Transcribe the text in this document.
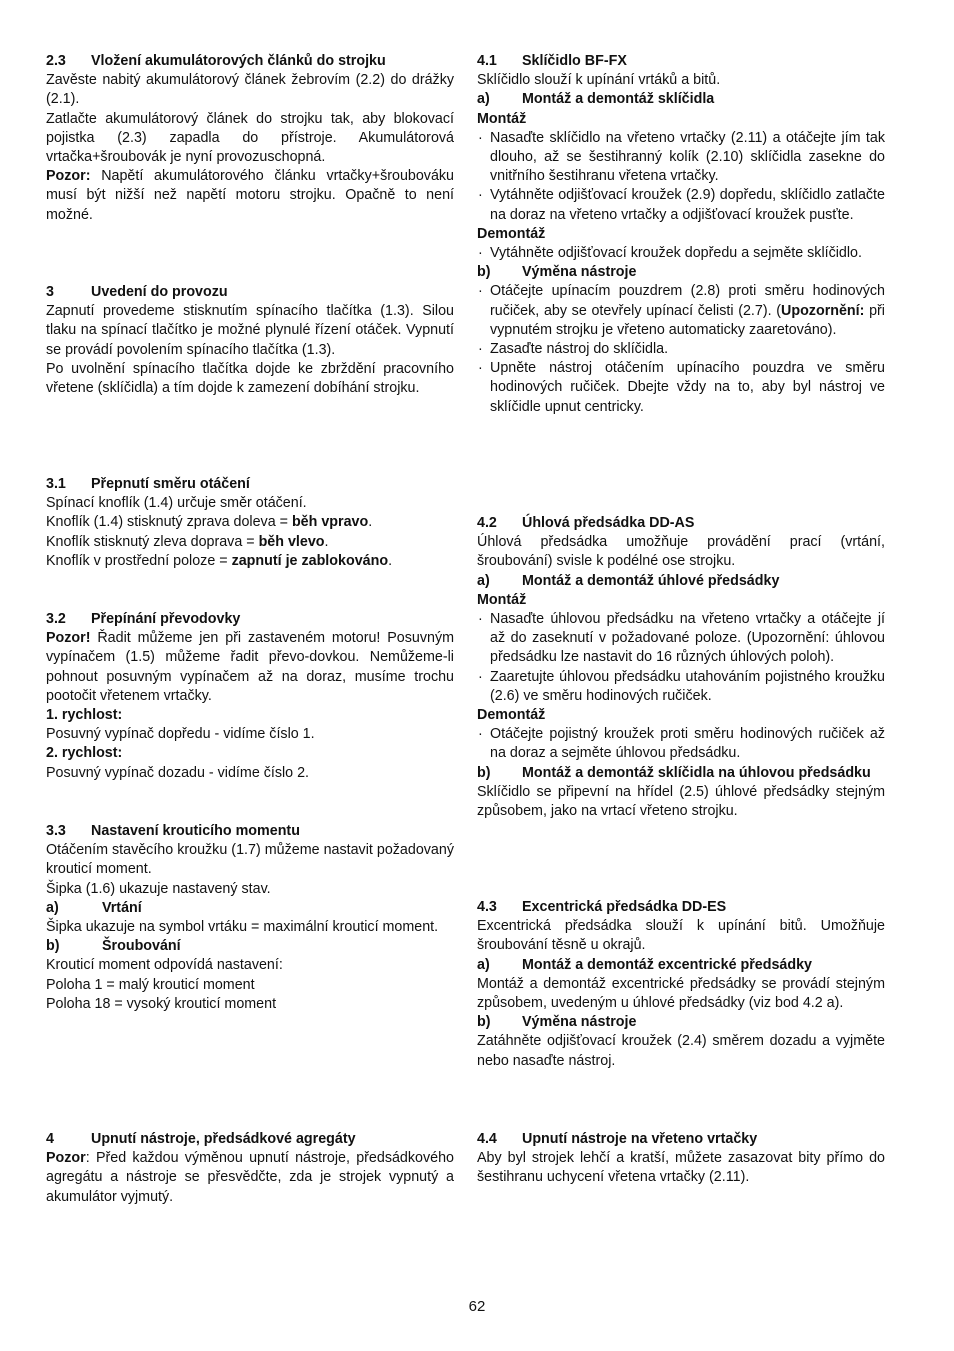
2.3	Vložení akumulátorových článků do strojku
Zavěste nabitý akumulátorový článek žebrovím (2.2) do drážky (2.1).
Zatlačte akumulátorový článek do strojku tak, aby blokovací pojistka (2.3) zapadla do přístroje. Akumulátorová vrtačka+šroubovák je nyní provozuschopná.
Pozor: Napětí akumulátorového článku vrtačky+šroubováku musí být nižší než napětí motoru strojku. Opačně to není možné.
3	Uvedení do provozu
Zapnutí provedeme stisknutím spínacího tlačítka (1.3). Silou tlaku na spínací tlačítko je možné plynulé řízení otáček. Vypnutí se provádí povolením spínacího tlačítka (1.3).
Po uvolnění spínacího tlačítka dojde ke zbrždění pracovního vřetene (sklíčidla) a tím dojde k zamezení dobíhání strojku.
3.1	Přepnutí směru otáčení
Spínací knoflík (1.4) určuje směr otáčení.
Knoflík (1.4) stisknutý zprava doleva = běh vpravo.
Knoflík stisknutý zleva doprava = běh vlevo.
Knoflík v prostřední poloze = zapnutí je zablokováno.
3.2	Přepínání převodovky
Pozor! Řadit můžeme jen při zastaveném motoru! Posuvným vypínačem (1.5) můžeme řadit převo-dovkou. Nemůžeme-li pohnout posuvným vypínačem až na doraz, musíme trochu pootočit vřetenem vrtačky.
1. rychlost:
Posuvný vypínač dopředu - vidíme číslo 1.
2. rychlost:
Posuvný vypínač dozadu - vidíme číslo 2.
3.3	Nastavení krouticího momentu
Otáčením stavěcího kroužku (1.7) můžeme nastavit požadovaný krouticí moment.
Šipka (1.6) ukazuje nastavený stav.
a)	Vrtání
Šipka ukazuje na symbol vrtáku = maximální krouticí moment.
b)	Šroubování
Krouticí moment odpovídá nastavení:
Poloha 1 = malý krouticí moment
Poloha 18 = vysoký krouticí moment
4	Upnutí nástroje, předsádkové agregáty
Pozor: Před každou výměnou upnutí nástroje, předsádkového agregátu a nástroje se přesvědčte, zda je strojek vypnutý a akumulátor vyjmutý.
4.1	Sklíčidlo BF-FX
Sklíčidlo slouží k upínání vrtáků a bitů.
a)	Montáž a demontáž sklíčidla
Montáž
· Nasaďte sklíčidlo na vřeteno vrtačky (2.11) a otáčejte jím tak dlouho, až se šestihranný kolík (2.10) sklíčidla zasekne do vnitřního šestihranu vřetena vrtačky.
· Vytáhněte odjišťovací kroužek (2.9) dopředu, sklíčidlo zatlačte na doraz na vřeteno vrtačky a odjišťovací kroužek pusťte.
Demontáž
· Vytáhněte odjišťovací kroužek dopředu a sejměte sklíčidlo.
b)	Výměna nástroje
· Otáčejte upínacím pouzdrem (2.8) proti směru hodinových ručiček, aby se otevřely upínací čelisti (2.7). (Upozornění: při vypnutém strojku je vřeteno automaticky zaaretováno).
· Zasaďte nástroj do sklíčidla.
· Upněte nástroj otáčením upínacího pouzdra ve směru hodinových ručiček. Dbejte vždy na to, aby byl nástroj ve sklíčidle upnut centricky.
4.2	Úhlová předsádka DD-AS
Úhlová předsádka umožňuje provádění prací (vrtání, šroubování) svisle k podélné ose strojku.
a)	Montáž a demontáž úhlové předsádky
Montáž
· Nasaďte úhlovou předsádku na vřeteno vrtačky a otáčejte jí až do zaseknutí v požadované poloze. (Upozornění: úhlovou předsádku lze nastavit do 16 různých úhlových poloh).
· Zaaretujte úhlovou předsádku utahováním pojistného kroužku (2.6) ve směru hodinových ručiček.
Demontáž
· Otáčejte pojistný kroužek proti směru hodinových ručiček až na doraz a sejměte úhlovou předsádku.
b)	Montáž a demontáž sklíčidla na úhlovou předsádku
Sklíčidlo se připevní na hřídel (2.5) úhlové předsádky stejným způsobem, jako na vrtací vřeteno strojku.
4.3	Excentrická předsádka DD-ES
Excentrická předsádka slouží k upínání bitů. Umožňuje šroubování těsně u okrajů.
a)	Montáž a demontáž excentrické předsádky
Montáž a demontáž excentrické předsádky se provádí stejným způsobem, uvedeným u úhlové předsádky (viz bod 4.2 a).
b)	Výměna nástroje
Zatáhněte odjišťovací kroužek (2.4) směrem dozadu a vyjměte nebo nasaďte nástroj.
4.4	Upnutí nástroje na vřeteno vrtačky
Aby byl strojek lehčí a kratší, můžete zasazovat bity přímo do šestihranu uchycení vřetena vrtačky (2.11).
62
